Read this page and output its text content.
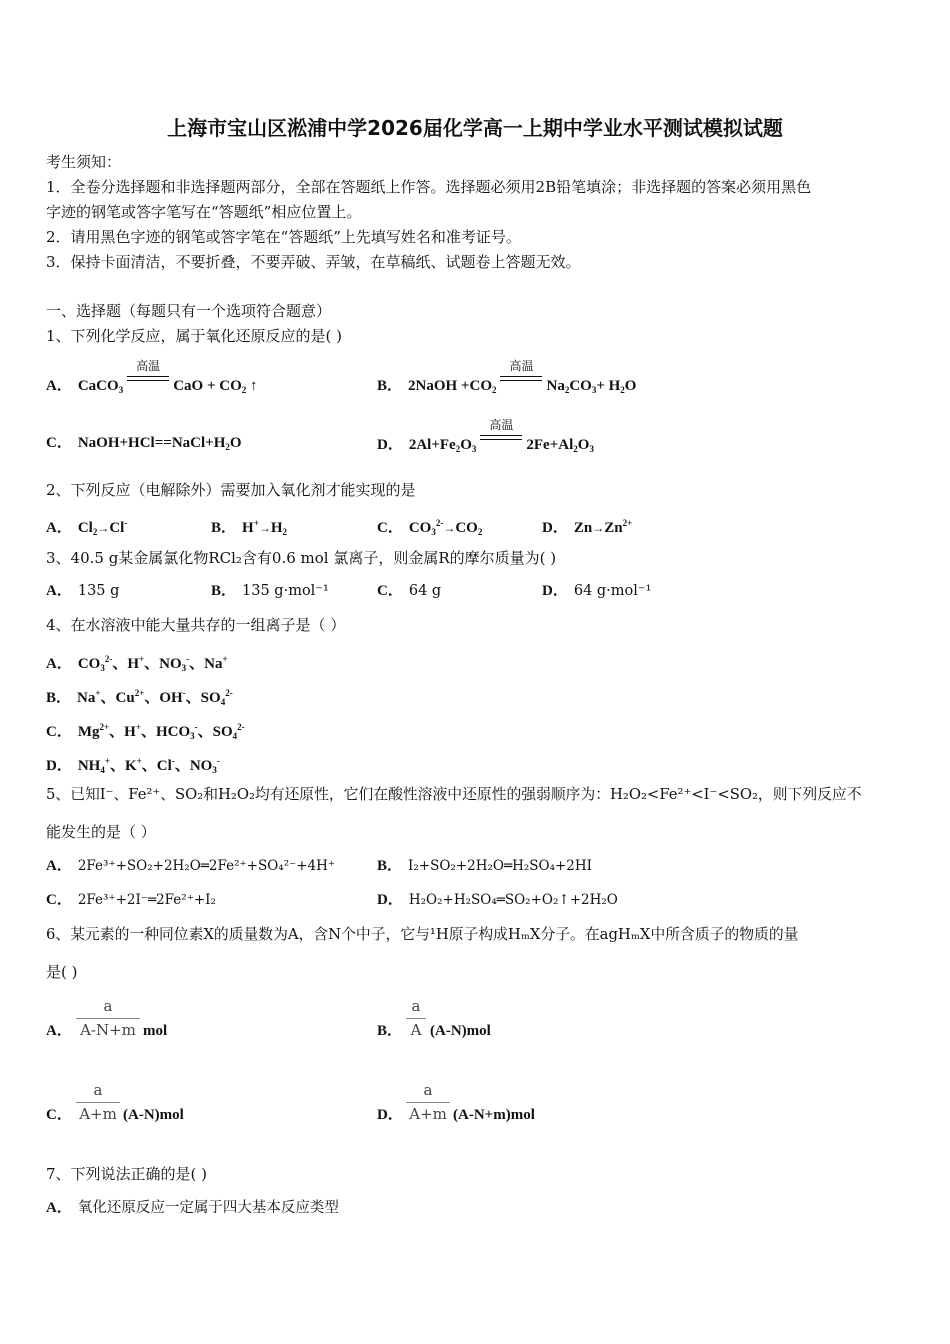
上海市宝山区淞浦中学2026届化学高一上期中学业水平测试模拟试题
考生须知：
1．全卷分选择题和非选择题两部分，全部在答题纸上作答。选择题必须用2B铅笔填涂；非选择题的答案必须用黑色
字迹的钢笔或答字笔写在“答题纸”相应位置上。
2．请用黑色字迹的钢笔或答字笔在“答题纸”上先填写姓名和准考证号。
3．保持卡面清洁，不要折叠，不要弄破、弄皱，在草稿纸、试题卷上答题无效。
一、选择题（每题只有一个选项符合题意）
1、下列化学反应，属于氧化还原反应的是( )
A． CaCO$_3$
高温
CaO + $CO_2$ ↑	B． 2NaOH $+CO_2$
高温
$Na_2CO_3+ H_2O$
C． $NaOH+HCl==NaCl+H_2O$	D． $2Al+Fe_2O_3$
高温
$2Fe+Al_2O_3$
2、下列反应（电解除外）需要加入氧化剂才能实现的是
A． $Cl_2\to Cl^-$	B． $H^+\to H_2$	C． $CO_3^{2-}\to CO_2$	D． $Zn\to Zn^{2+}$
3、40.5 g某金属氯化物RCl₂含有0.6 mol 氯离子，则金属R的摩尔质量为( )
A． 135 g	B． 135 g·mol⁻¹	C． 64 g	D． 64 g·mol⁻¹
4、在水溶液中能大量共存的一组离子是（ ）
A． $CO_3^{2-}$、H+、$NO_3^-$、Na+
B． Na+、$Cu^{2+}$、OH-、$SO_4^{2-}$
C． $Mg^{2+}$、H+、$HCO_3^-$、$SO_4^{2-}$
D． $NH_4^+$、K+、Cl-、$NO_3^-$
5、已知Ⅰ⁻、Fe²⁺、SO₂和H₂O₂均有还原性，它们在酸性溶液中还原性的强弱顺序为：H₂O₂<Fe²⁺<Ⅰ⁻<SO₂，则下列反应不
能发生的是（ ）
A． 2Fe³⁺+SO₂+2H₂O═2Fe²⁺+SO₄²⁻+4H⁺	B． I₂+SO₂+2H₂O═H₂SO₄+2HI
C． 2Fe³⁺+2I⁻═2Fe²⁺+I₂	D． H₂O₂+H₂SO₄═SO₂+O₂↑+2H₂O
6、某元素的一种同位素X的质量数为A，含N个中子，它与¹H原子构成HₘX分子。在agHₘX中所含质子的物质的量
是( )
A．
a
A-N+m mol	B．
a
A (A-N)mol
C．
a
A+m (A-N)mol	D．
a
A+m (A-N+m)mol
7、下列说法正确的是( )
A． 氧化还原反应一定属于四大基本反应类型
